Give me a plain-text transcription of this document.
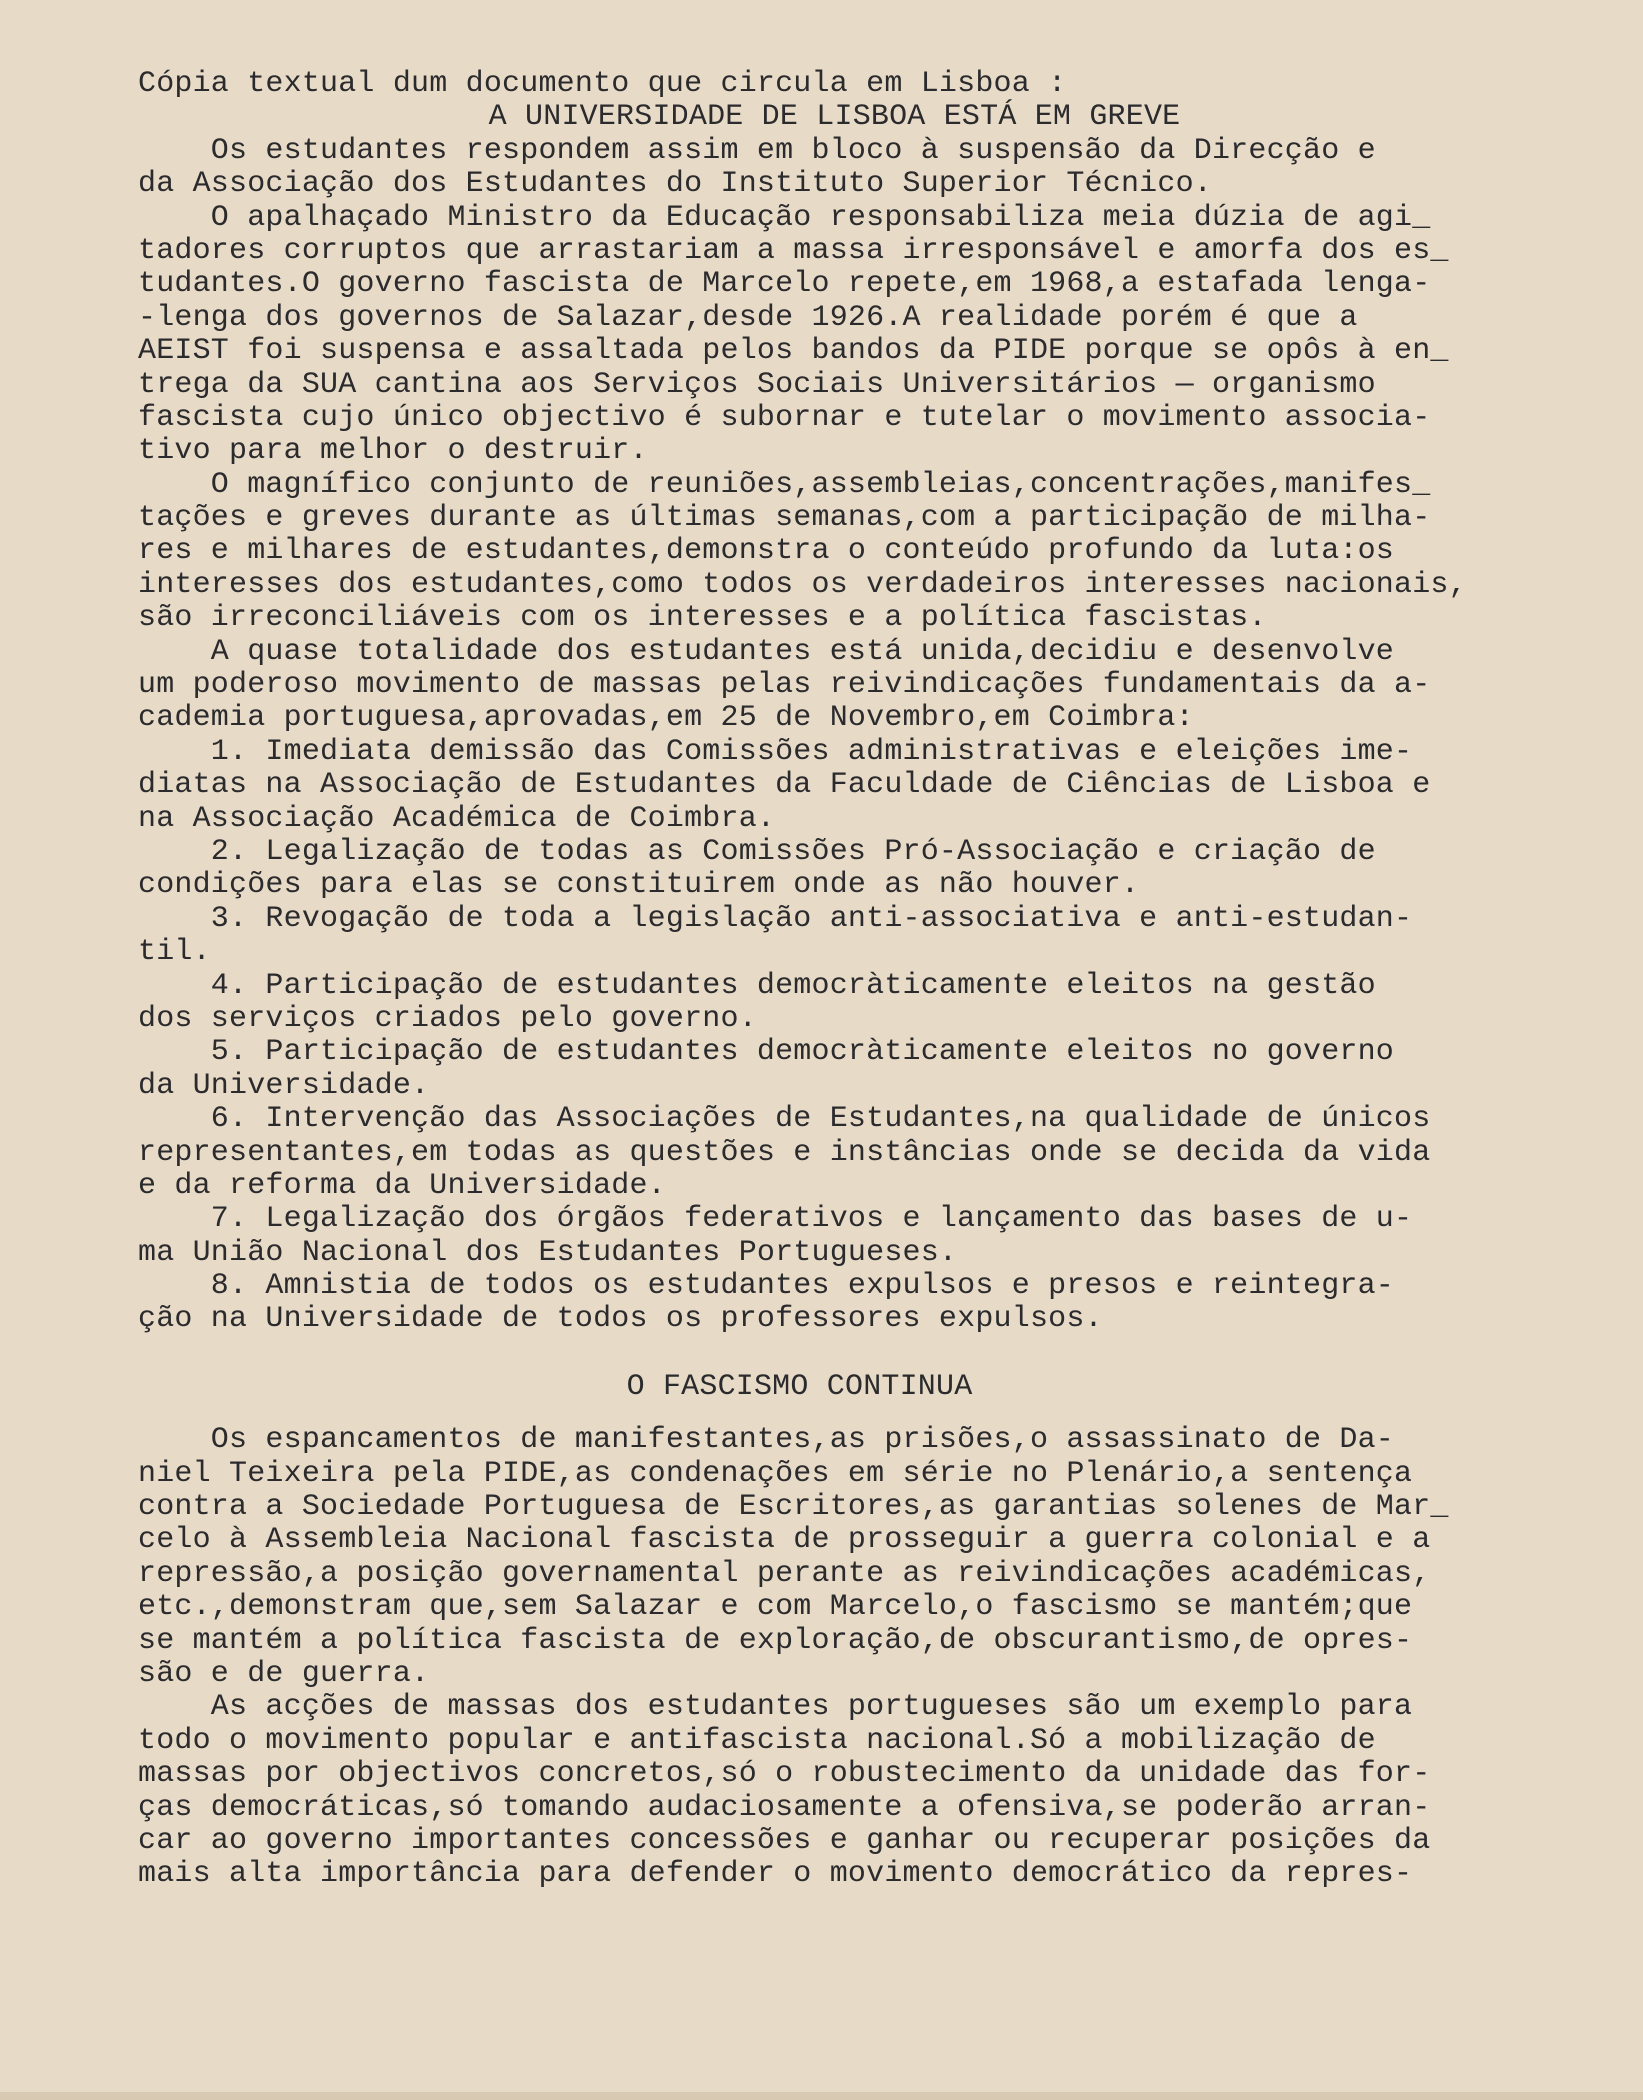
Cópia textual dum documento que circula em Lisboa :
A UNIVERSIDADE DE LISBOA ESTÁ EM GREVE
Os estudantes respondem assim em bloco à suspensão da Direcção e
da Associação dos Estudantes do Instituto Superior Técnico.
O apalhaçado Ministro da Educação responsabiliza meia dúzia de agi_
tadores corruptos que arrastariam a massa irresponsável e amorfa dos es_
tudantes.O governo fascista de Marcelo repete,em 1968,a estafada lenga-
-lenga dos governos de Salazar,desde 1926.A realidade porém é que a
AEIST foi suspensa e assaltada pelos bandos da PIDE porque se opôs à en_
trega da SUA cantina aos Serviços Sociais Universitários — organismo
fascista cujo único objectivo é subornar e tutelar o movimento associa-
tivo para melhor o destruir.
O magnífico conjunto de reuniões,assembleias,concentrações,manifes_
tações e greves durante as últimas semanas,com a participação de milha-
res e milhares de estudantes,demonstra o conteúdo profundo da luta:os
interesses dos estudantes,como todos os verdadeiros interesses nacionais,
são irreconciliáveis com os interesses e a política fascistas.
A quase totalidade dos estudantes está unida,decidiu e desenvolve
um poderoso movimento de massas pelas reivindicações fundamentais da a-
cademia portuguesa,aprovadas,em 25 de Novembro,em Coimbra:
1. Imediata demissão das Comissões administrativas e eleições ime-
diatas na Associação de Estudantes da Faculdade de Ciências de Lisboa e
na Associação Académica de Coimbra.
2. Legalização de todas as Comissões Pró-Associação e criação de
condições para elas se constituirem onde as não houver.
3. Revogação de toda a legislação anti-associativa e anti-estudan-
til.
4. Participação de estudantes democràticamente eleitos na gestão
dos serviços criados pelo governo.
5. Participação de estudantes democràticamente eleitos no governo
da Universidade.
6. Intervenção das Associações de Estudantes,na qualidade de únicos
representantes,em todas as questões e instâncias onde se decida da vida
e da reforma da Universidade.
7. Legalização dos órgãos federativos e lançamento das bases de u-
ma União Nacional dos Estudantes Portugueses.
8. Amnistia de todos os estudantes expulsos e presos e reintegra-
ção na Universidade de todos os professores expulsos.
O FASCISMO CONTINUA
Os espancamentos de manifestantes,as prisões,o assassinato de Da-
niel Teixeira pela PIDE,as condenações em série no Plenário,a sentença
contra a Sociedade Portuguesa de Escritores,as garantias solenes de Mar_
celo à Assembleia Nacional fascista de prosseguir a guerra colonial e a
repressão,a posição governamental perante as reivindicações académicas,
etc.,demonstram que,sem Salazar e com Marcelo,o fascismo se mantém;que
se mantém a política fascista de exploração,de obscurantismo,de opres-
são e de guerra.
As acções de massas dos estudantes portugueses são um exemplo para
todo o movimento popular e antifascista nacional.Só a mobilização de
massas por objectivos concretos,só o robustecimento da unidade das for-
ças democráticas,só tomando audaciosamente a ofensiva,se poderão arran-
car ao governo importantes concessões e ganhar ou recuperar posições da
mais alta importância para defender o movimento democrático da repres-
